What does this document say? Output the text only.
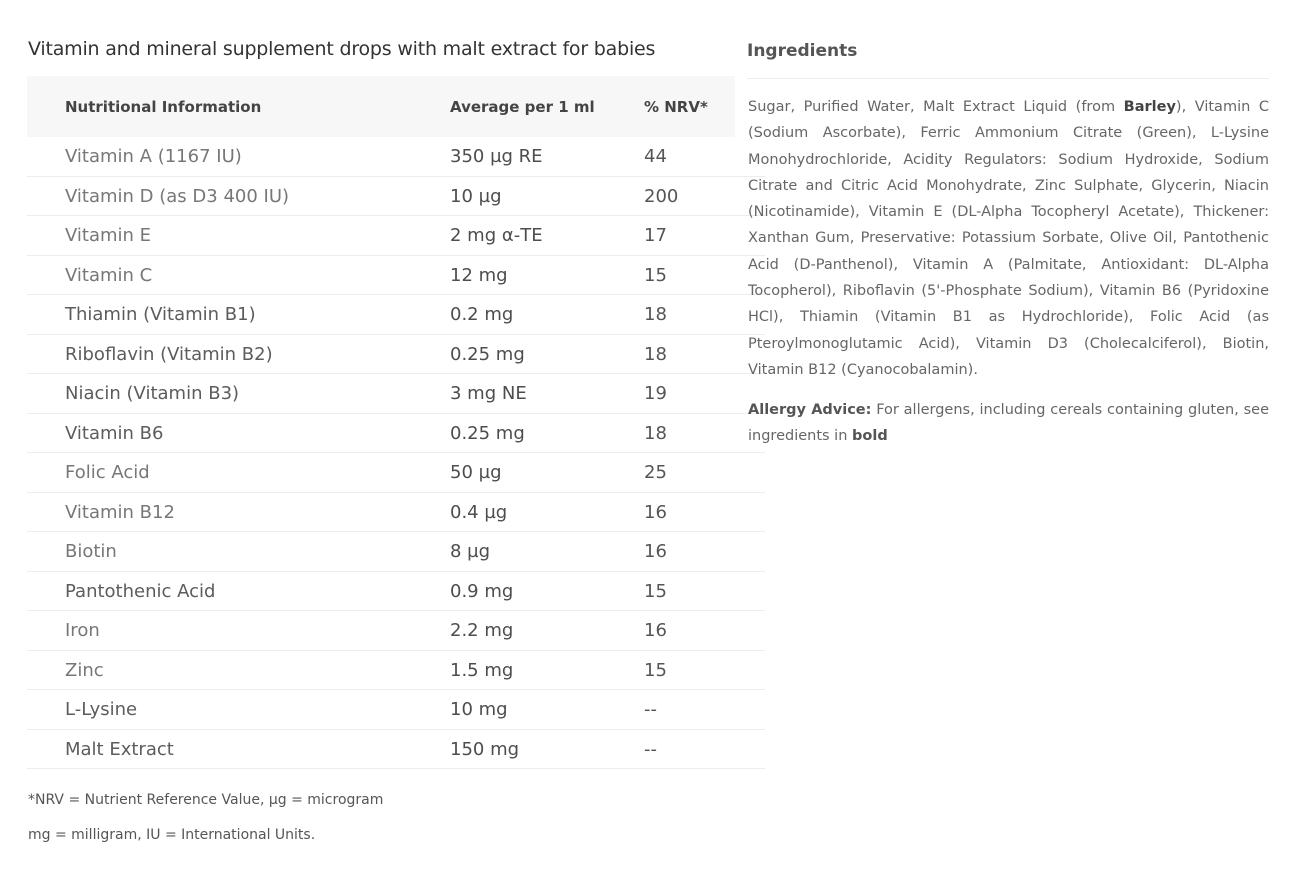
Vitamin and mineral supplement drops with malt extract for babies
Nutritional Information	Average per 1 ml	% NRV*
Vitamin A (1167 IU)	350 µg RE	44
Vitamin D (as D3 400 IU)	10 µg	200
Vitamin E	2 mg α-TE	17
Vitamin C	12 mg	15
Thiamin (Vitamin B1)	0.2 mg	18
Riboflavin (Vitamin B2)	0.25 mg	18
Niacin (Vitamin B3)	3 mg NE	19
Vitamin B6	0.25 mg	18
Folic Acid	50 µg	25
Vitamin B12	0.4 µg	16
Biotin	8 µg	16
Pantothenic Acid	0.9 mg	15
Iron	2.2 mg	16
Zinc	1.5 mg	15
L-Lysine	10 mg	--
Malt Extract	150 mg	--
*NRV = Nutrient Reference Value, µg = microgram
mg = milligram, IU = International Units.
Ingredients
Sugar, Purified Water, Malt Extract Liquid (from Barley), Vitamin C (Sodium Ascorbate), Ferric Ammonium Citrate (Green), L-Lysine Monohydrochloride, Acidity Regulators: Sodium Hydroxide, Sodium Citrate and Citric Acid Monohydrate, Zinc Sulphate, Glycerin, Niacin (Nicotinamide), Vitamin E (DL-Alpha Tocopheryl Acetate), Thickener: Xanthan Gum, Preservative: Potassium Sorbate, Olive Oil, Pantothenic Acid (D-Panthenol), Vitamin A (Palmitate, Antioxidant: DL-Alpha Tocopherol), Riboflavin (5'-Phosphate Sodium), Vitamin B6 (Pyridoxine HCl), Thiamin (Vitamin B1 as Hydrochloride), Folic Acid (as Pteroylmonoglutamic Acid), Vitamin D3 (Cholecalciferol), Biotin, Vitamin B12 (Cyanocobalamin).
Allergy Advice: For allergens, including cereals containing gluten, see ingredients in bold
